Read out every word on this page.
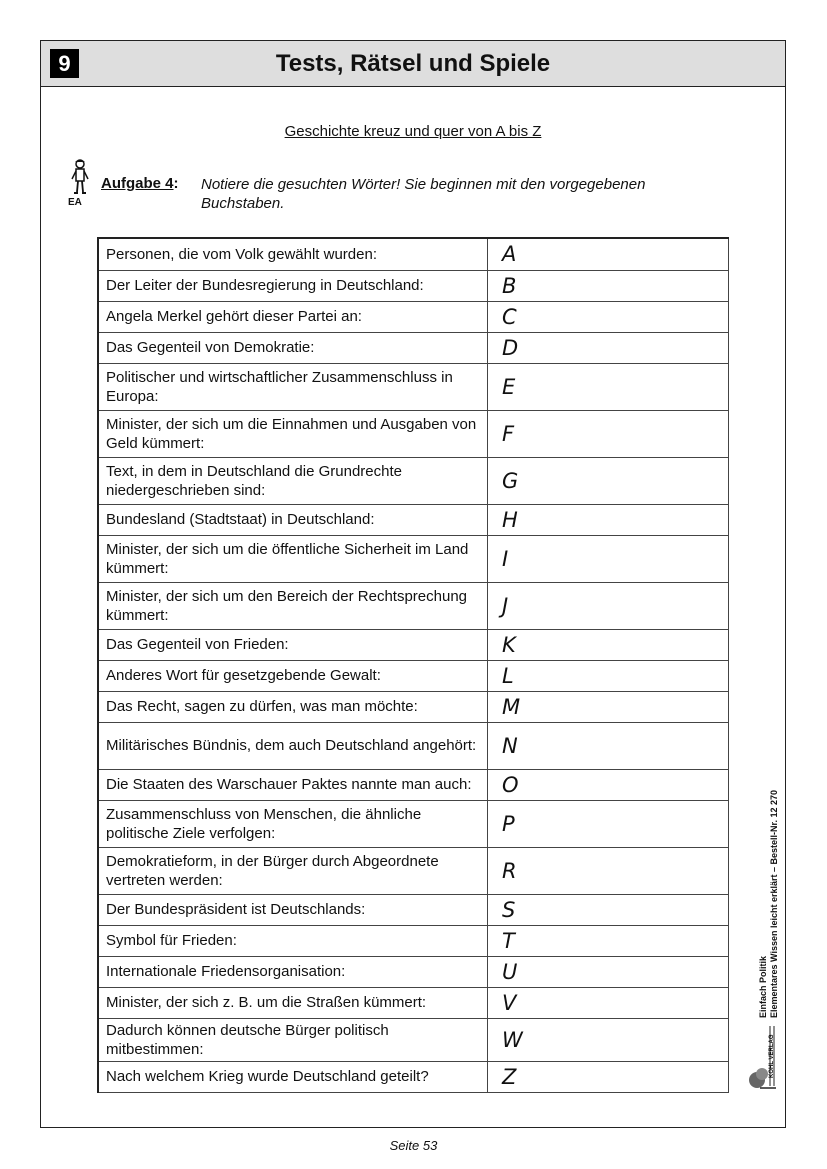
9	Tests, Rätsel und Spiele
Geschichte kreuz und quer von A bis Z
EA
Aufgabe 4: Notiere die gesuchten Wörter! Sie beginnen mit den vorgegebenen Buchstaben.
Personen, die vom Volk gewählt wurden:	A
Der Leiter der Bundesregierung in Deutschland:	B
Angela Merkel gehört dieser Partei an:	C
Das Gegenteil von Demokratie:	D
Politischer und wirtschaftlicher Zusammenschluss in Europa:	E
Minister, der sich um die Einnahmen und Ausgaben von Geld kümmert:	F
Text, in dem in Deutschland die Grundrechte niedergeschrieben sind:	G
Bundesland (Stadtstaat) in Deutschland:	H
Minister, der sich um die öffentliche Sicherheit im Land kümmert:	I
Minister, der sich um den Bereich der Rechtsprechung kümmert:	J
Das Gegenteil von Frieden:	K
Anderes Wort für gesetzgebende Gewalt:	L
Das Recht, sagen zu dürfen, was man möchte:	M
Militärisches Bündnis, dem auch Deutschland angehört:	N
Die Staaten des Warschauer Paktes nannte man auch:	O
Zusammenschluss von Menschen, die ähnliche politische Ziele verfolgen:	P
Demokratieform, in der Bürger durch Abgeordnete vertreten werden:	R
Der Bundespräsident ist Deutschlands:	S
Symbol für Frieden:	T
Internationale Friedensorganisation:	U
Minister, der sich z. B. um die Straßen kümmert:	V
Dadurch können deutsche Bürger politisch mitbestimmen:	W
Nach welchem Krieg wurde Deutschland geteilt?	Z
Einfach Politik Elementares Wissen leicht erklärt – Bestell-Nr. 12 270
KOHL VERLAG
Seite 53
